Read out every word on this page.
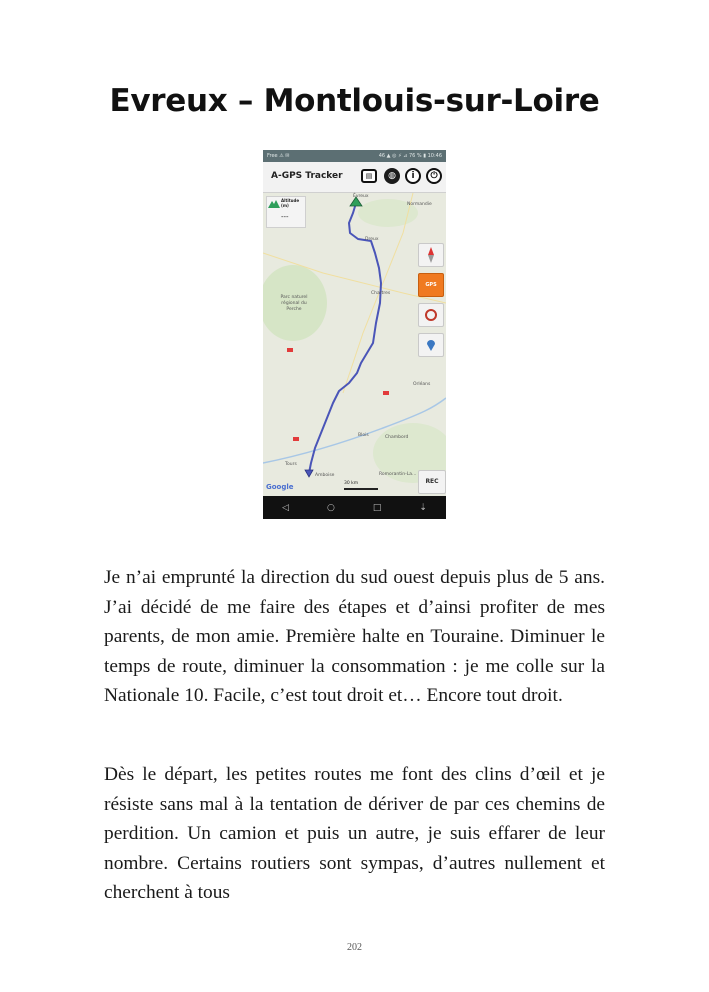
Evreux – Montlouis-sur-Loire
Free ⚠ ✉	46 ▲ ◎ ⚡ ⊿ 76 % ▮ 10:46
A-GPS Tracker	▤	◍	i	⏻
Évreux
Normandie
Dreux
Chartres
Parc naturel régional du Perche
Orléans
Blois	Chambord
Tours
Amboise	Romorantin-La...
Altitude (m)
---
GPS
REC
Google	30 km
◁	○	□	⇣

Je n’ai emprunté la direction du sud ouest depuis plus de 5 ans. J’ai décidé de me faire des étapes et d’ainsi profiter de mes parents, de mon amie. Première halte en Touraine. Diminuer le temps de route, diminuer la consommation : je me colle sur la Nationale 10. Facile, c’est tout droit et… Encore tout droit.

Dès le départ, les petites routes me font des clins d’œil et je résiste sans mal à la tentation de dériver de par ces chemins de perdition. Un camion et puis un autre, je suis effarer de leur nombre. Certains routiers sont sympas, d’autres nullement et cherchent à tous

202
